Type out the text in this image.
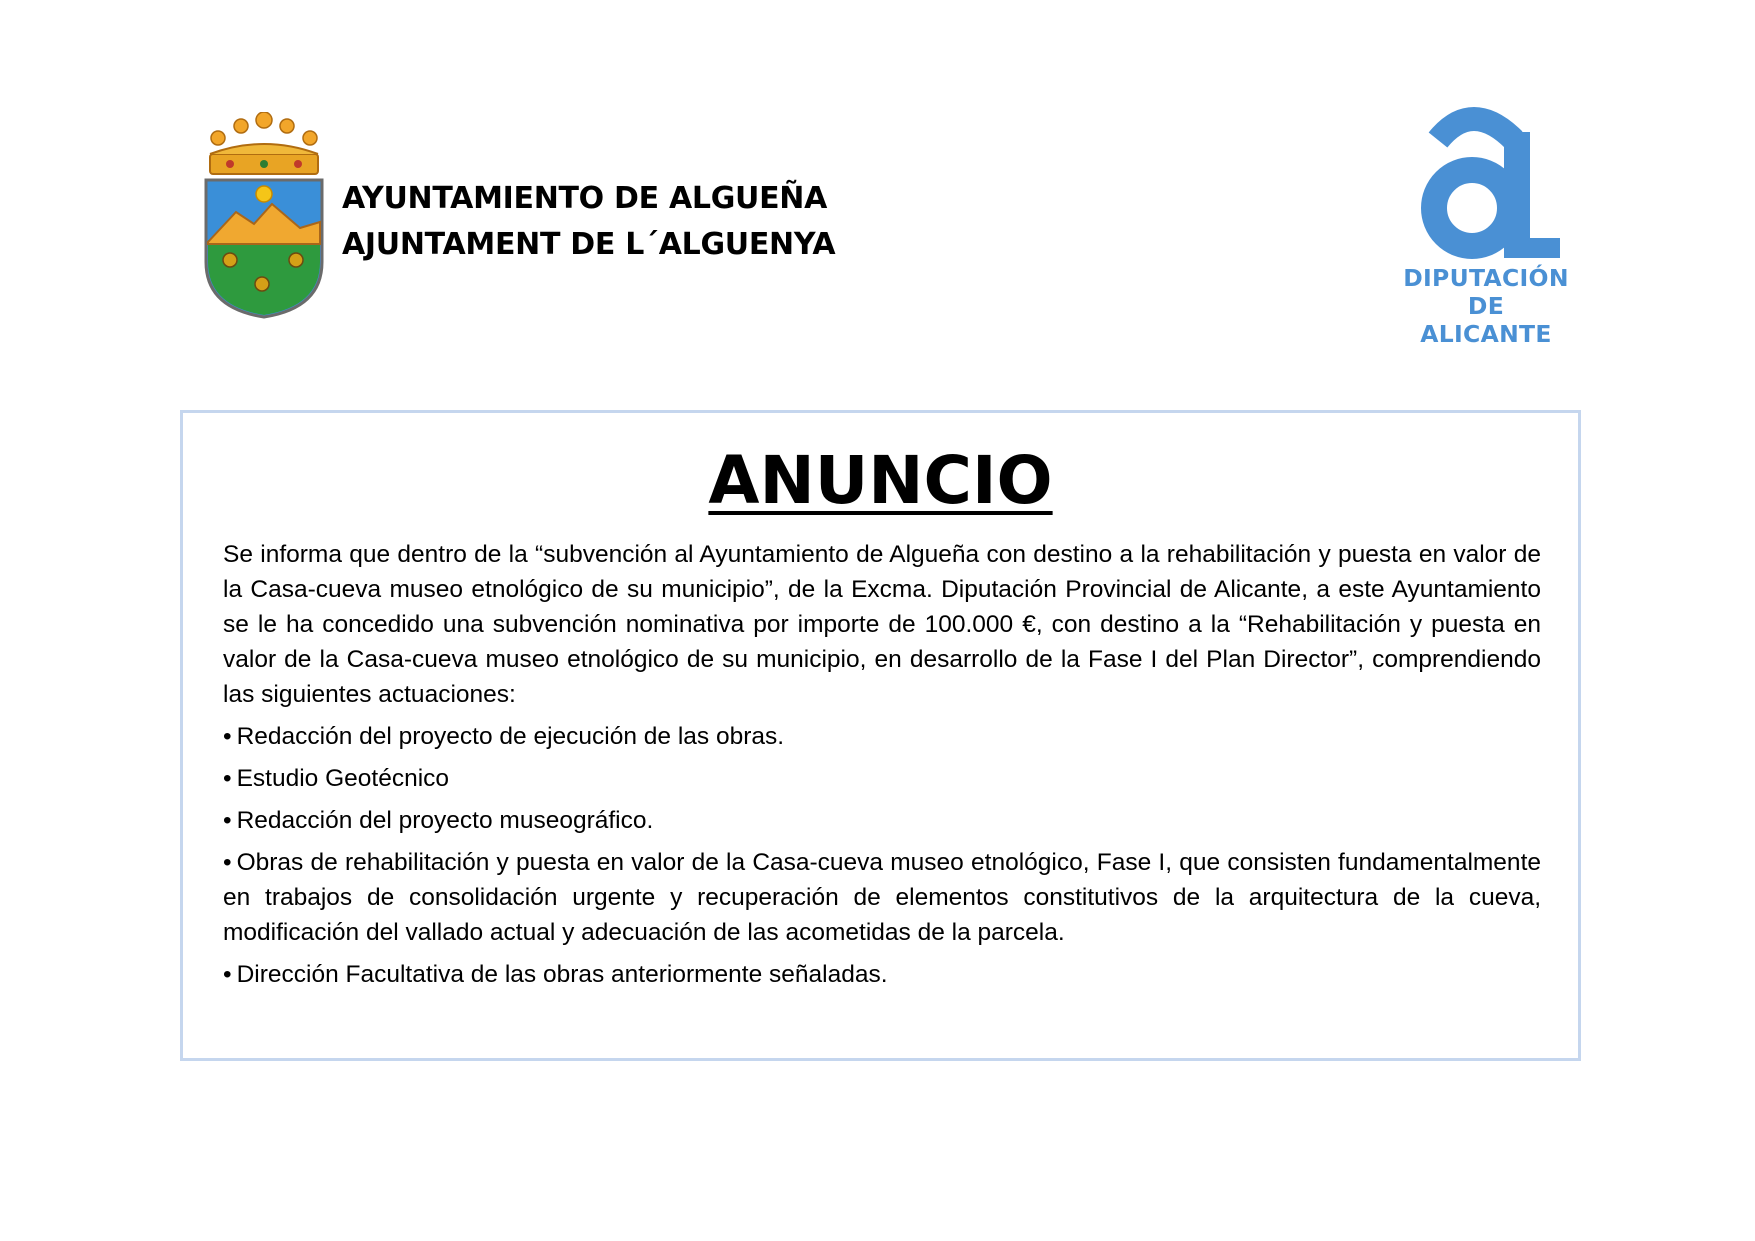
AYUNTAMIENTO DE ALGUEÑA
AJUNTAMENT DE L´ALGUENYA
DIPUTACIÓN
DE ALICANTE
ANUNCIO

Se informa que dentro de la “subvención al Ayuntamiento de Algueña con destino a la rehabilitación y puesta en valor de la Casa-cueva museo etnológico de su municipio”, de la Excma. Diputación Provincial de Alicante, a este Ayuntamiento se le ha concedido una subvención nominativa por importe de 100.000 €, con destino a la “Rehabilitación y puesta en valor de la Casa-cueva museo etnológico de su municipio, en desarrollo de la Fase I del Plan Director”, comprendiendo las siguientes actuaciones:

• Redacción del proyecto de ejecución de las obras.
• Estudio Geotécnico
• Redacción del proyecto museográfico.
• Obras de rehabilitación y puesta en valor de la Casa-cueva museo etnológico, Fase I, que consisten fundamentalmente en trabajos de consolidación urgente y recuperación de elementos constitutivos de la arquitectura de la cueva, modificación del vallado actual y adecuación de las acometidas de la parcela.
• Dirección Facultativa de las obras anteriormente señaladas.
